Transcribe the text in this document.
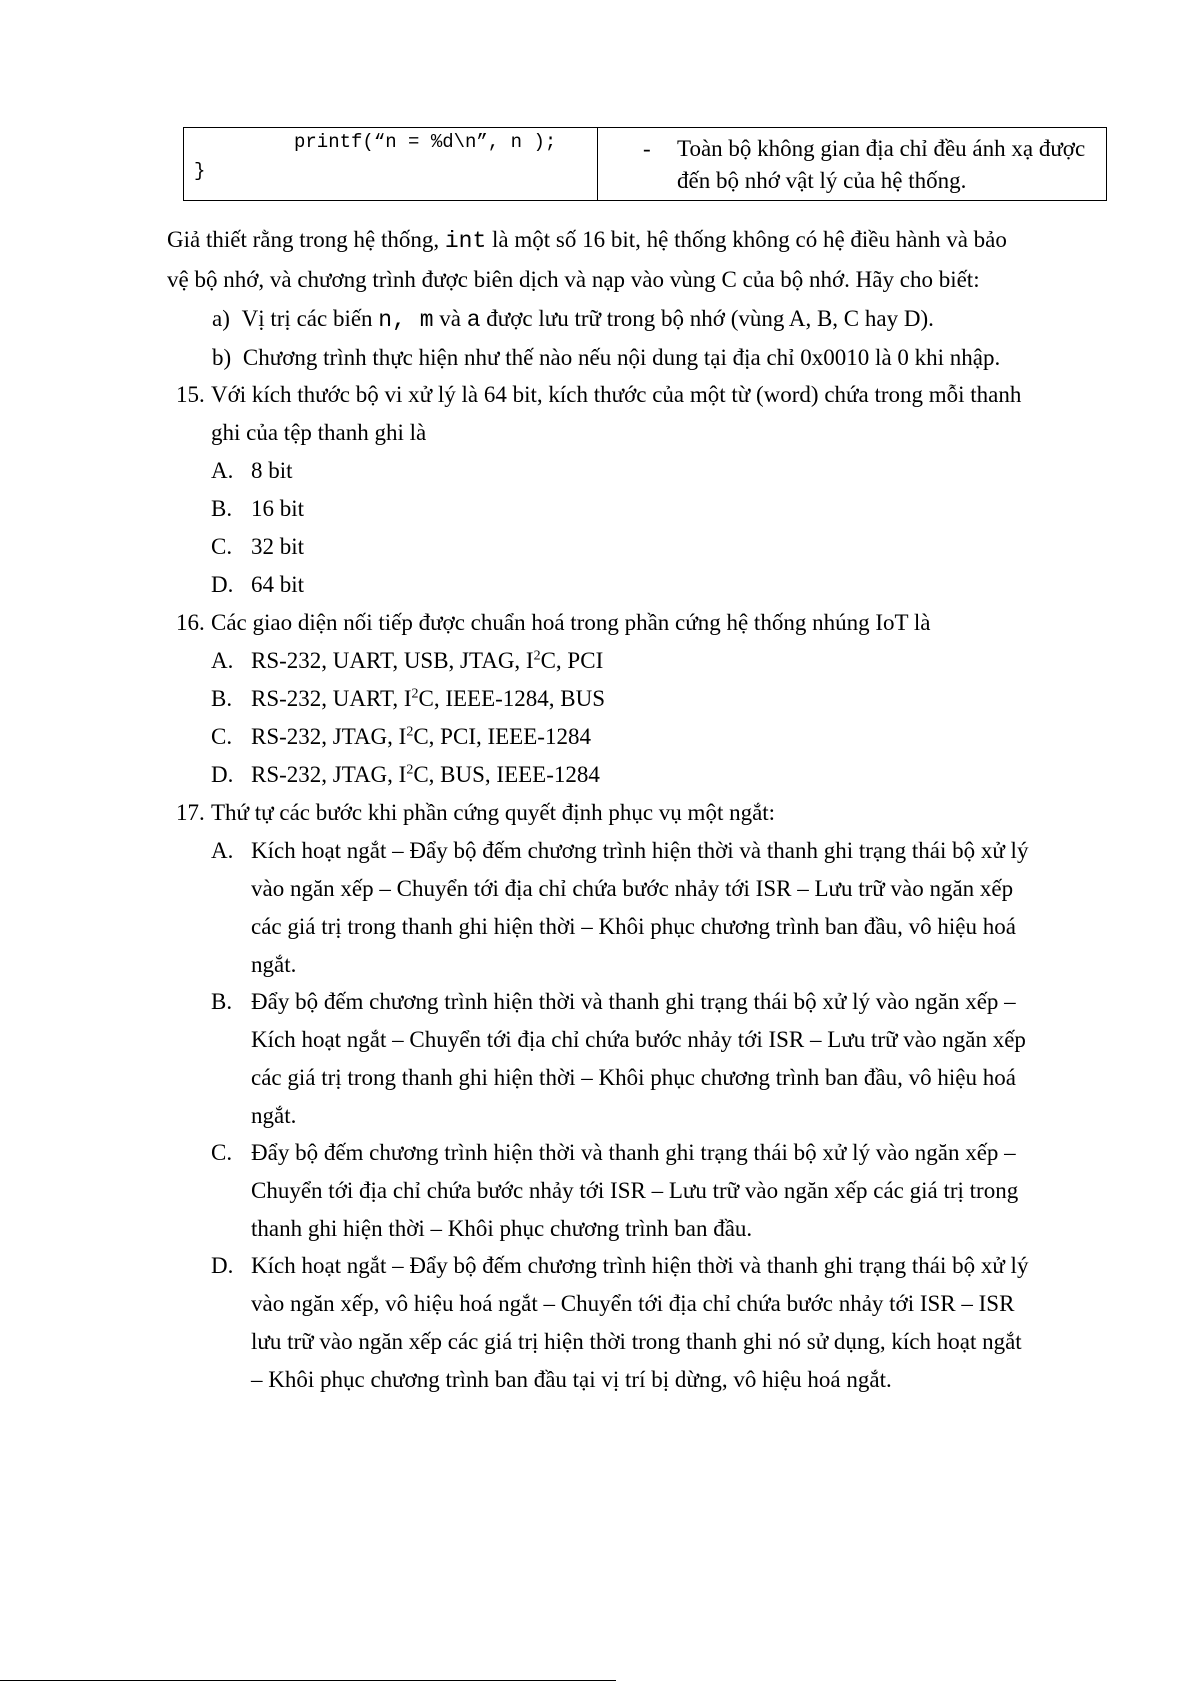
printf(“n = %d\n”, n );
}
- Toàn bộ không gian địa chỉ đều ánh xạ được
đến bộ nhớ vật lý của hệ thống.
Giả thiết rằng trong hệ thống, int là một số 16 bit, hệ thống không có hệ điều hành và bảo
vệ bộ nhớ, và chương trình được biên dịch và nạp vào vùng C của bộ nhớ. Hãy cho biết:
a) Vị trị các biến n, m và a được lưu trữ trong bộ nhớ (vùng A, B, C hay D).
b) Chương trình thực hiện như thế nào nếu nội dung tại địa chỉ 0x0010 là 0 khi nhập.
15. Với kích thước bộ vi xử lý là 64 bit, kích thước của một từ (word) chứa trong mỗi thanh
ghi của tệp thanh ghi là
A. 8 bit
B. 16 bit
C. 32 bit
D. 64 bit
16. Các giao diện nối tiếp được chuẩn hoá trong phần cứng hệ thống nhúng IoT là
A. RS-232, UART, USB, JTAG, $I^2C$, PCI
B. RS-232, UART, $I^2C$, IEEE-1284, BUS
C. RS-232, JTAG, $I^2C$, PCI, IEEE-1284
D. RS-232, JTAG, $I^2C$, BUS, IEEE-1284
17. Thứ tự các bước khi phần cứng quyết định phục vụ một ngắt:
A. Kích hoạt ngắt – Đẩy bộ đếm chương trình hiện thời và thanh ghi trạng thái bộ xử lý
vào ngăn xếp – Chuyển tới địa chỉ chứa bước nhảy tới ISR – Lưu trữ vào ngăn xếp
các giá trị trong thanh ghi hiện thời – Khôi phục chương trình ban đầu, vô hiệu hoá
ngắt.
B. Đẩy bộ đếm chương trình hiện thời và thanh ghi trạng thái bộ xử lý vào ngăn xếp –
Kích hoạt ngắt – Chuyển tới địa chỉ chứa bước nhảy tới ISR – Lưu trữ vào ngăn xếp
các giá trị trong thanh ghi hiện thời – Khôi phục chương trình ban đầu, vô hiệu hoá
ngắt.
C. Đẩy bộ đếm chương trình hiện thời và thanh ghi trạng thái bộ xử lý vào ngăn xếp –
Chuyển tới địa chỉ chứa bước nhảy tới ISR – Lưu trữ vào ngăn xếp các giá trị trong
thanh ghi hiện thời – Khôi phục chương trình ban đầu.
D. Kích hoạt ngắt – Đẩy bộ đếm chương trình hiện thời và thanh ghi trạng thái bộ xử lý
vào ngăn xếp, vô hiệu hoá ngắt – Chuyển tới địa chỉ chứa bước nhảy tới ISR – ISR
lưu trữ vào ngăn xếp các giá trị hiện thời trong thanh ghi nó sử dụng, kích hoạt ngắt
– Khôi phục chương trình ban đầu tại vị trí bị dừng, vô hiệu hoá ngắt.
